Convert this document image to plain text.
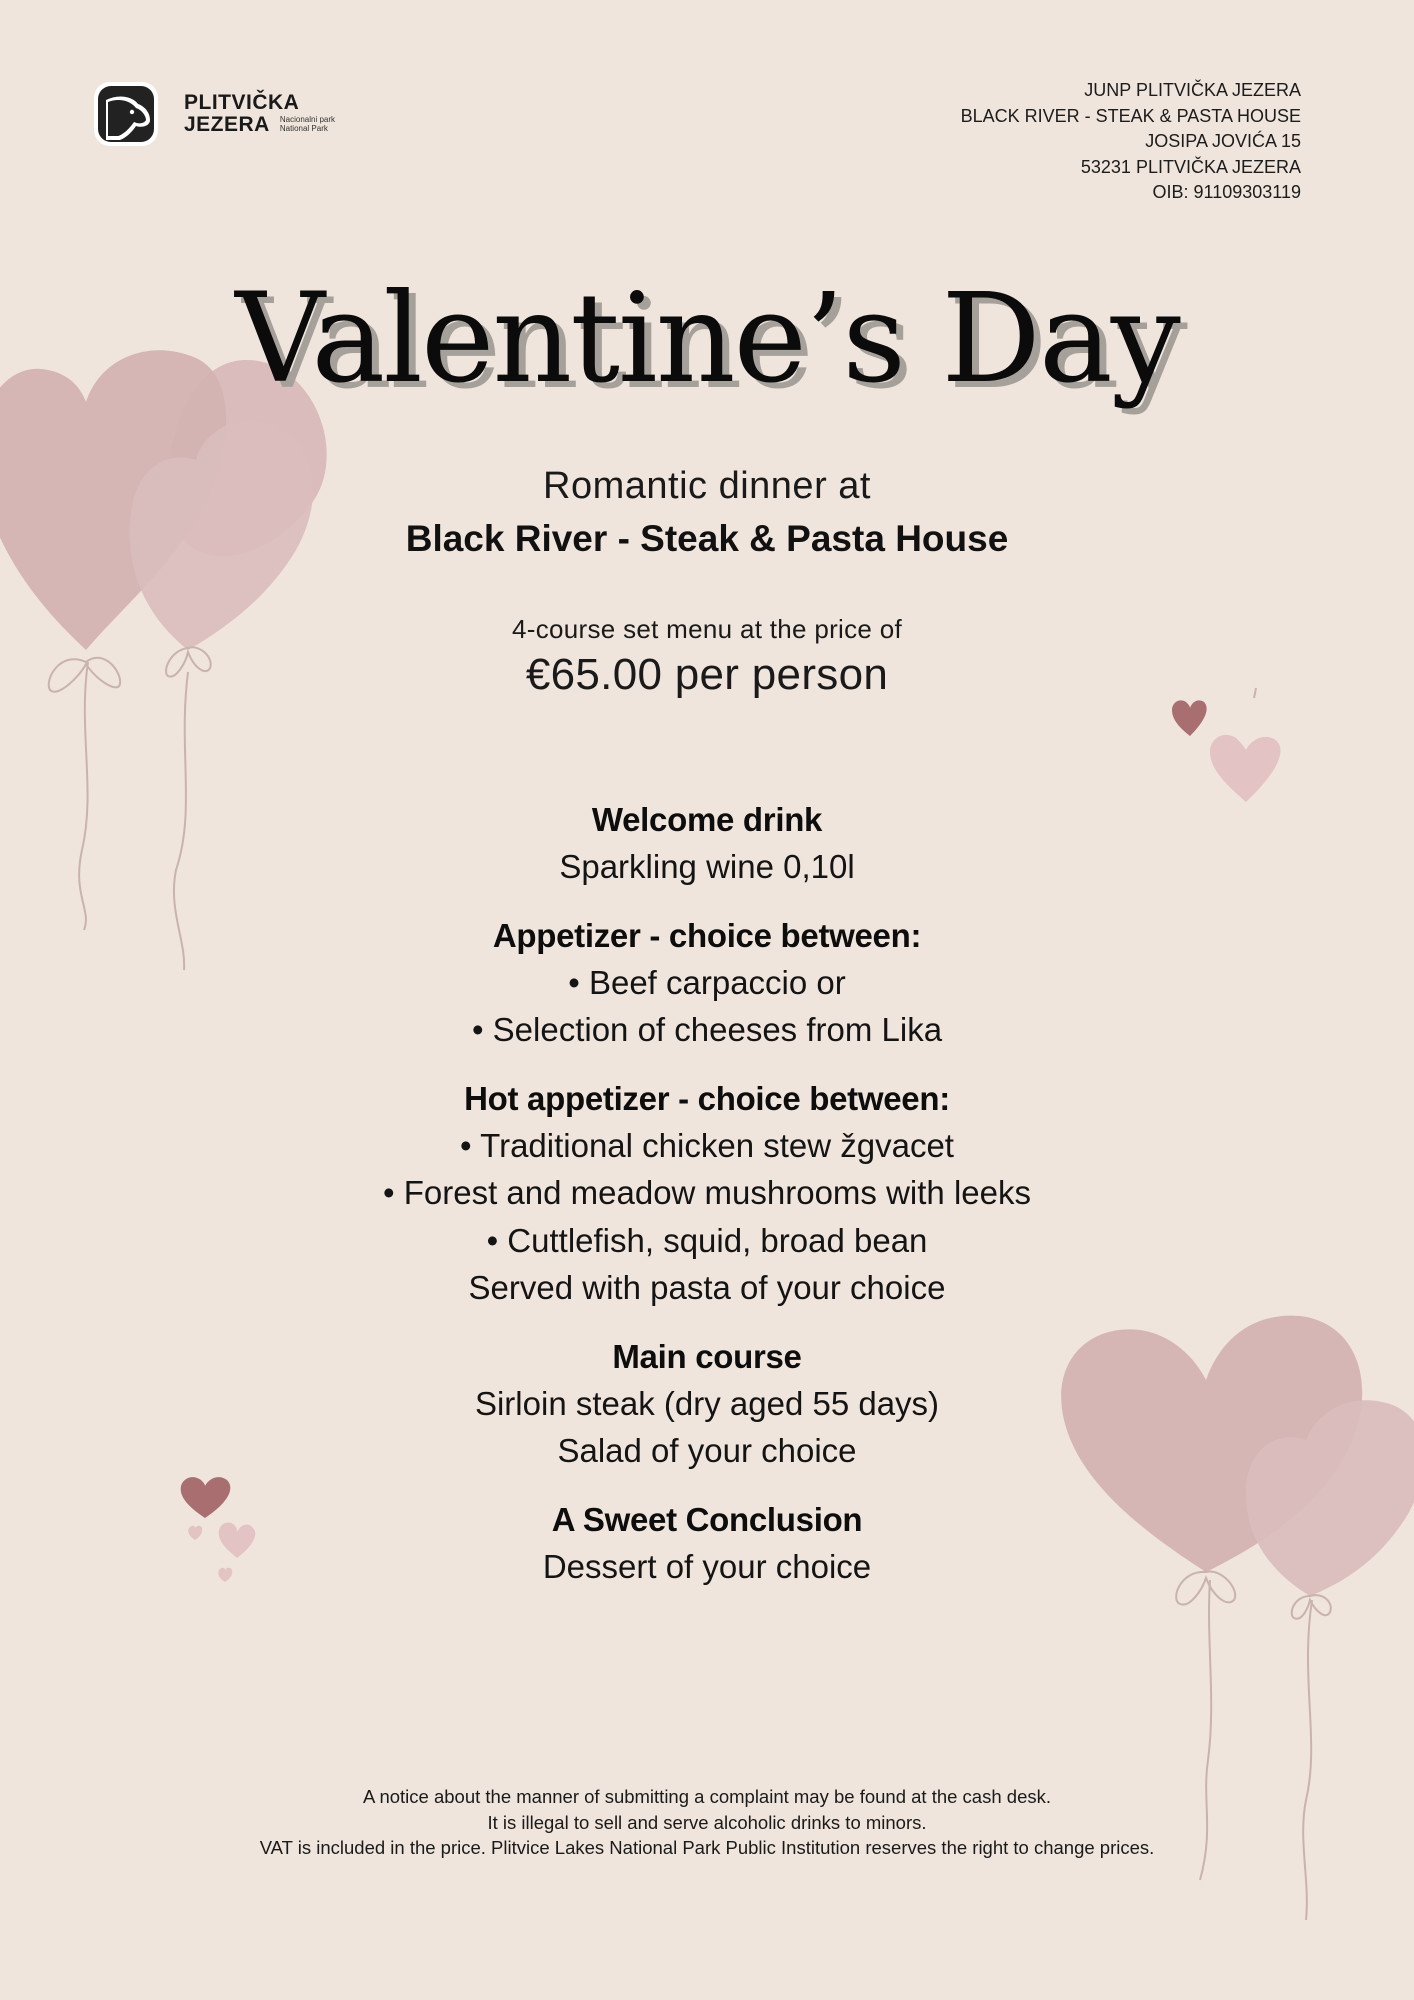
PLITVIČKA
JEZERA Nacionalni park
National Park
JUNP PLITVIČKA JEZERA
BLACK RIVER - STEAK & PASTA HOUSE
JOSIPA JOVIĆA 15
53231 PLITVIČKA JEZERA
OIB: 91109303119
Valentine’s Day
Romantic dinner at
Black River - Steak & Pasta House
4-course set menu at the price of
€65.00 per person
Welcome drink
Sparkling wine 0,10l
Appetizer - choice between:
• Beef carpaccio or
• Selection of cheeses from Lika
Hot appetizer - choice between:
• Traditional chicken stew žgvacet
• Forest and meadow mushrooms with leeks
• Cuttlefish, squid, broad bean
Served with pasta of your choice
Main course
Sirloin steak (dry aged 55 days)
Salad of your choice
A Sweet Conclusion
Dessert of your choice
A notice about the manner of submitting a complaint may be found at the cash desk.
It is illegal to sell and serve alcoholic drinks to minors.
VAT is included in the price. Plitvice Lakes National Park Public Institution reserves the right to change prices.
